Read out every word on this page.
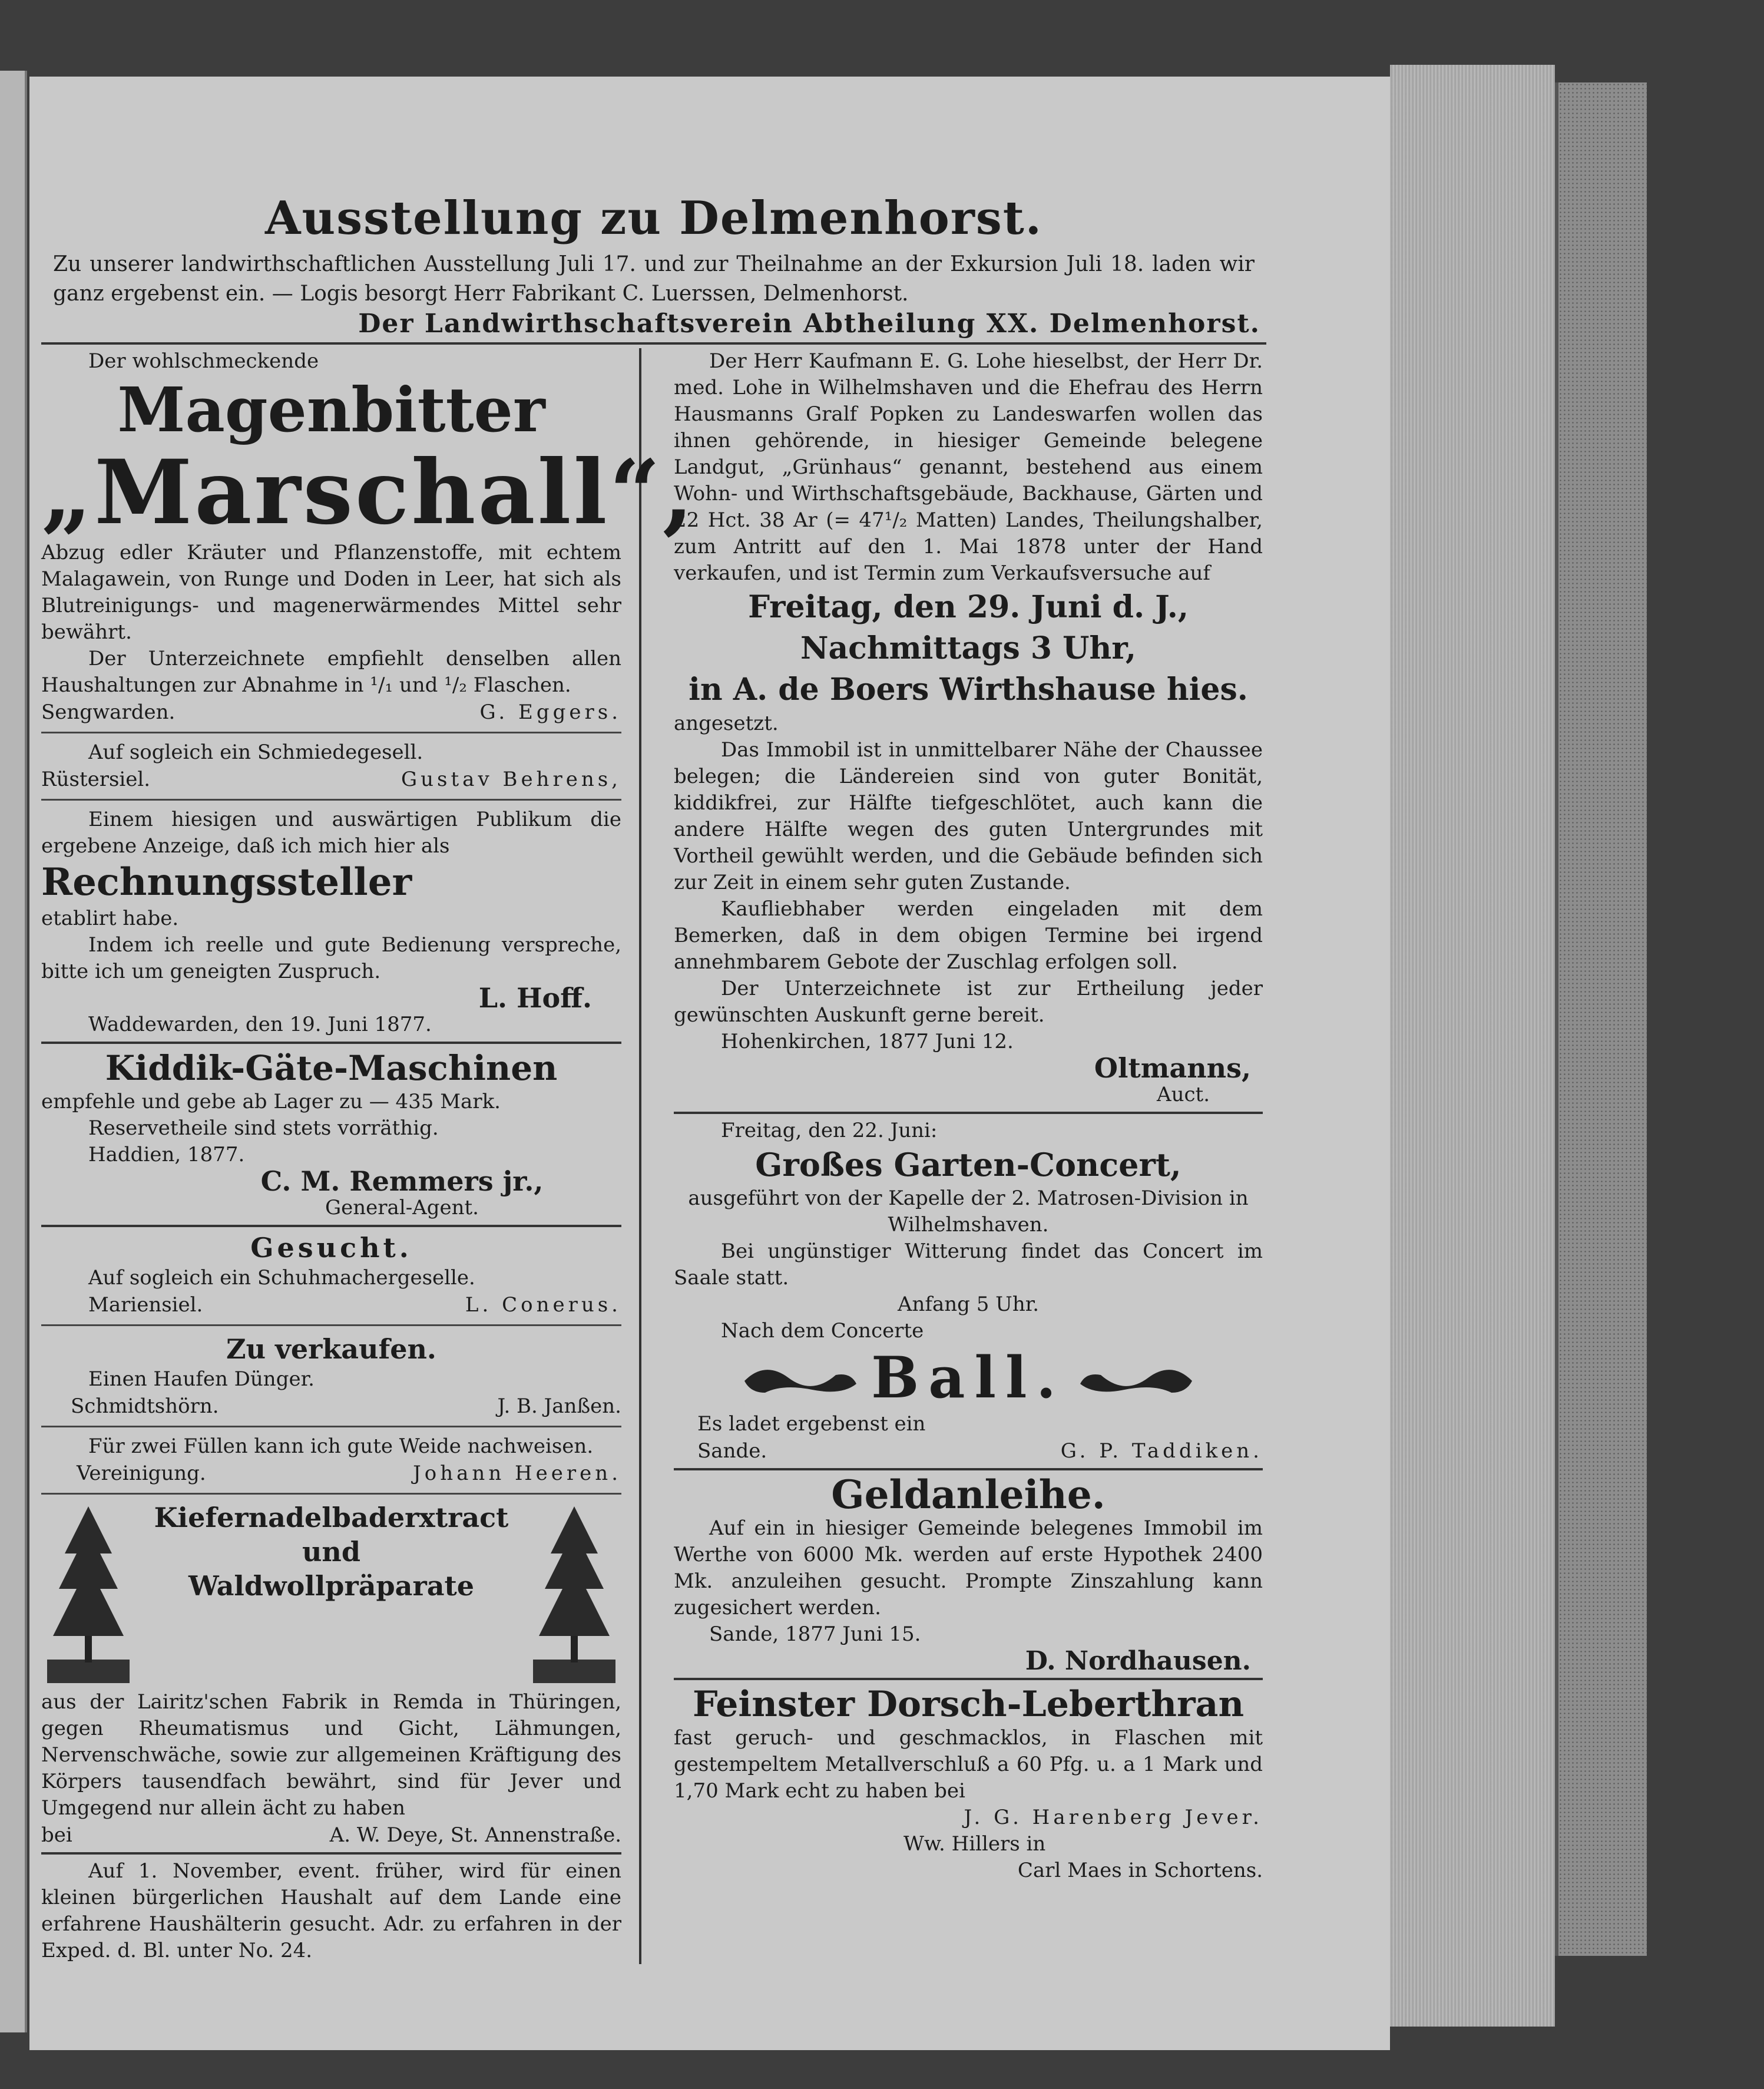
Ausstellung zu Delmenhorst.
Zu unserer landwirthschaftlichen Ausstellung Juli 17. und zur Theilnahme an der Exkursion Juli 18. laden wir ganz ergebenst ein. — Logis besorgt Herr Fabrikant C. Luerssen, Delmenhorst.
Der Landwirthschaftsverein Abtheilung XX. Delmenhorst.
Der wohlschmeckende
Magenbitter
„Marschall“,
Abzug edler Kräuter und Pflanzenstoffe, mit echtem Malagawein, von Runge und Doden in Leer, hat sich als Blutreinigungs- und magenerwärmendes Mittel sehr bewährt.
Der Unterzeichnete empfiehlt denselben allen Haushaltungen zur Abnahme in ¹/₁ und ¹/₂ Flaschen.
Sengwarden.	G. Eggers.
Auf sogleich ein Schmiedegesell.
Rüstersiel.	Gustav Behrens,
Einem hiesigen und auswärtigen Publikum die ergebene Anzeige, daß ich mich hier als
Rechnungssteller
etablirt habe.
Indem ich reelle und gute Bedienung verspreche, bitte ich um geneigten Zuspruch.
L. Hoff.
Waddewarden, den 19. Juni 1877.
Kiddik-Gäte-Maschinen
empfehle und gebe ab Lager zu — 435 Mark.
Reservetheile sind stets vorräthig.
Haddien, 1877.
C. M. Remmers jr.,
General-Agent.
Gesucht.
Auf sogleich ein Schuhmachergeselle.
Mariensiel.	L. Conerus.
Zu verkaufen.
Einen Haufen Dünger.
Schmidtshörn.	J. B. Janßen.
Für zwei Füllen kann ich gute Weide nachweisen.
Vereinigung.	Johann Heeren.
Kiefernadelbaderxtract
und
Waldwollpräparate
aus der Lairitz'schen Fabrik in Remda in Thüringen, gegen Rheumatismus und Gicht, Lähmungen, Nervenschwäche, sowie zur allgemeinen Kräftigung des Körpers tausendfach bewährt, sind für Jever und Umgegend nur allein ächt zu haben
bei	A. W. Deye, St. Annenstraße.
Auf 1. November, event. früher, wird für einen kleinen bürgerlichen Haushalt auf dem Lande eine erfahrene Haushälterin gesucht. Adr. zu erfahren in der Exped. d. Bl. unter No. 24.
Der Herr Kaufmann E. G. Lohe hieselbst, der Herr Dr. med. Lohe in Wilhelmshaven und die Ehefrau des Herrn Hausmanns Gralf Popken zu Landeswarfen wollen das ihnen gehörende, in hiesiger Gemeinde belegene Landgut, „Grünhaus“ genannt, bestehend aus einem Wohn- und Wirthschaftsgebäude, Backhause, Gärten und 22 Hct. 38 Ar (= 47¹/₂ Matten) Landes, Theilungshalber, zum Antritt auf den 1. Mai 1878 unter der Hand verkaufen, und ist Termin zum Verkaufsversuche auf
Freitag, den 29. Juni d. J.,
Nachmittags 3 Uhr,
in A. de Boers Wirthshause hies.
angesetzt.
Das Immobil ist in unmittelbarer Nähe der Chaussee belegen; die Ländereien sind von guter Bonität, kiddikfrei, zur Hälfte tiefgeschlötet, auch kann die andere Hälfte wegen des guten Untergrundes mit Vortheil gewühlt werden, und die Gebäude befinden sich zur Zeit in einem sehr guten Zustande.
Kaufliebhaber werden eingeladen mit dem Bemerken, daß in dem obigen Termine bei irgend annehmbarem Gebote der Zuschlag erfolgen soll.
Der Unterzeichnete ist zur Ertheilung jeder gewünschten Auskunft gerne bereit.
Hohenkirchen, 1877 Juni 12.
Oltmanns,
Auct.
Freitag, den 22. Juni:
Großes Garten-Concert,
ausgeführt von der Kapelle der 2. Matrosen-Division in Wilhelmshaven.
Bei ungünstiger Witterung findet das Concert im Saale statt.
Anfang 5 Uhr.
Nach dem Concerte
Ball.
Es ladet ergebenst ein
Sande.	G. P. Taddiken.
Geldanleihe.
Auf ein in hiesiger Gemeinde belegenes Immobil im Werthe von 6000 Mk. werden auf erste Hypothek 2400 Mk. anzuleihen gesucht. Prompte Zinszahlung kann zugesichert werden.
Sande, 1877 Juni 15.
D. Nordhausen.
Feinster Dorsch-Leberthran
fast geruch- und geschmacklos, in Flaschen mit gestempeltem Metallverschluß a 60 Pfg. u. a 1 Mark und 1,70 Mark echt zu haben bei
J. G. Harenberg Jever.
Ww. Hillers in
Carl Maes in Schortens.
